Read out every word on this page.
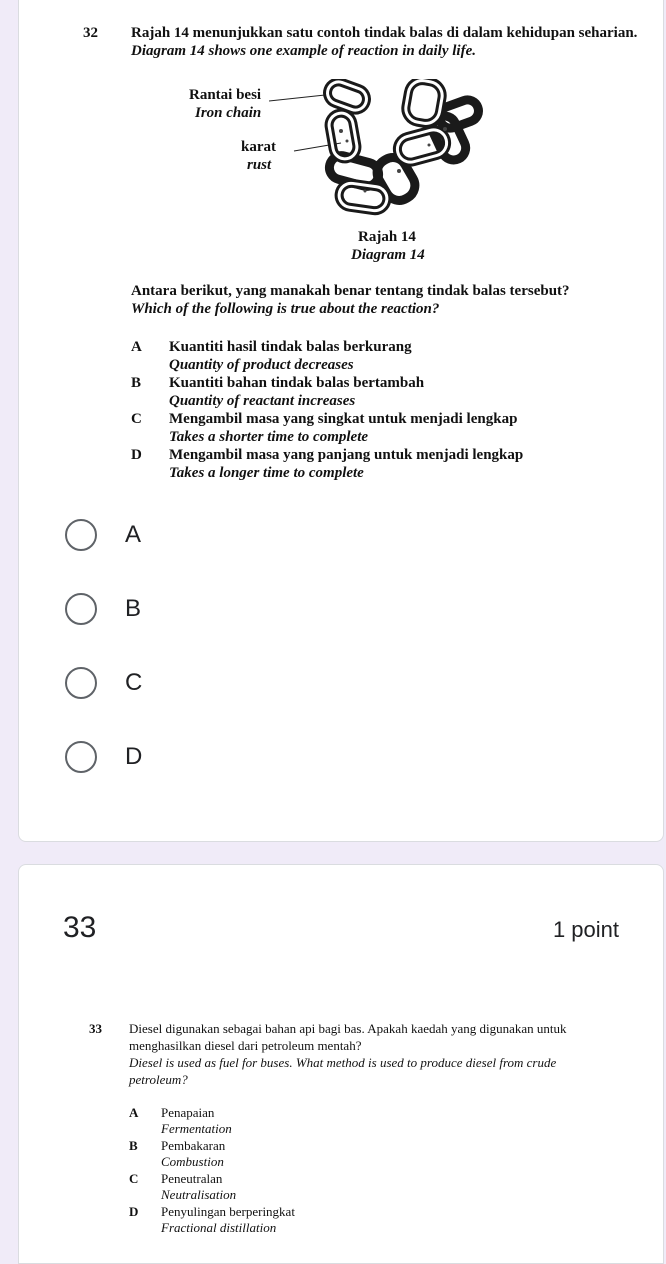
32 Rajah 14 menunjukkan satu contoh tindak balas di dalam kehidupan seharian.
Diagram 14 shows one example of reaction in daily life.
Rantai besi
Iron chain
karat
rust
Rajah 14
Diagram 14
Antara berikut, yang manakah benar tentang tindak balas tersebut?
Which of the following is true about the reaction?
A Kuantiti hasil tindak balas berkurang
Quantity of product decreases
B Kuantiti bahan tindak balas bertambah
Quantity of reactant increases
C Mengambil masa yang singkat untuk menjadi lengkap
Takes a shorter time to complete
D Mengambil masa yang panjang untuk menjadi lengkap
Takes a longer time to complete
A
B
C
D
33	1 point
33 Diesel digunakan sebagai bahan api bagi bas. Apakah kaedah yang digunakan untuk
menghasilkan diesel dari petroleum mentah?
Diesel is used as fuel for buses. What method is used to produce diesel from crude
petroleum?
A Penapaian
Fermentation
B Pembakaran
Combustion
C Peneutralan
Neutralisation
D Penyulingan berperingkat
Fractional distillation
